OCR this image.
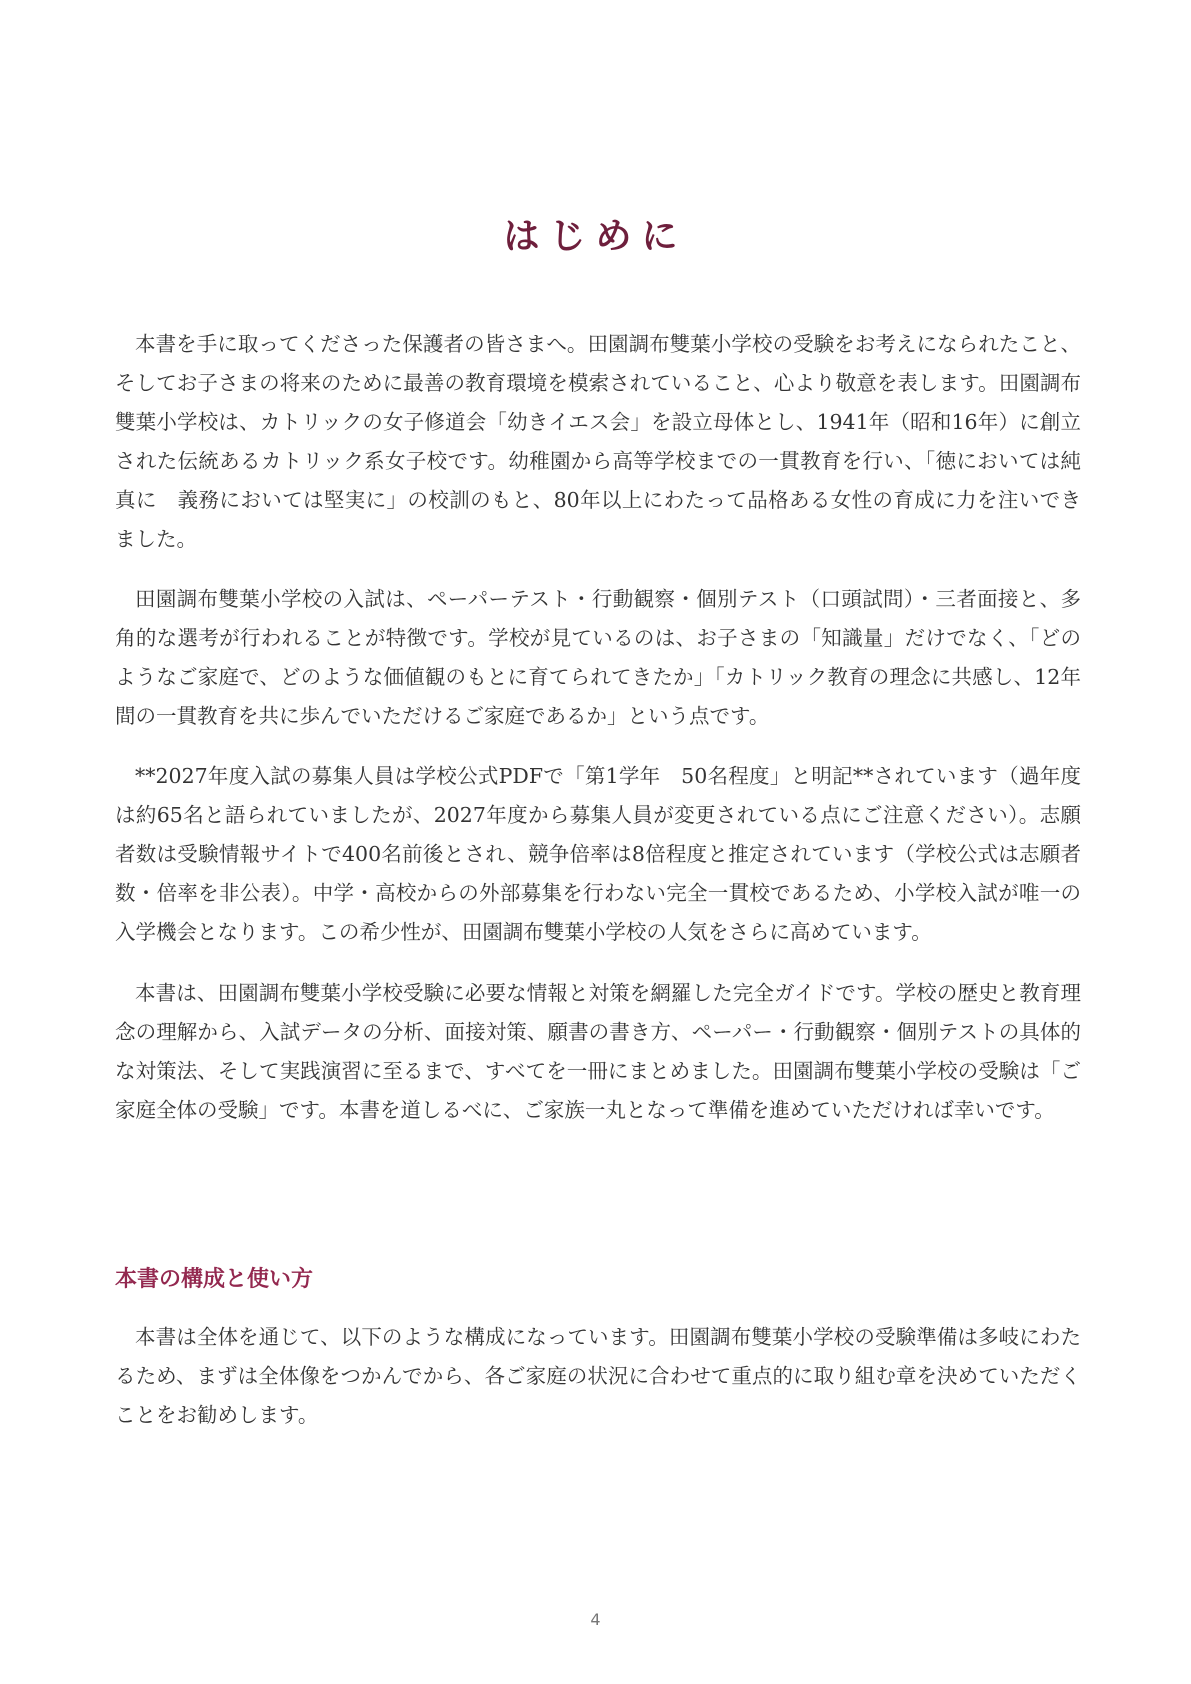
はじめに

本書を手に取ってくださった保護者の皆さまへ。田園調布雙葉小学校の受験をお考えになられたこと、そしてお子さまの将来のために最善の教育環境を模索されていること、心より敬意を表します。田園調布雙葉小学校は、カトリックの女子修道会「幼きイエス会」を設立母体とし、1941年（昭和16年）に創立された伝統あるカトリック系女子校です。幼稚園から高等学校までの一貫教育を行い、「徳においては純真に　義務においては堅実に」の校訓のもと、80年以上にわたって品格ある女性の育成に力を注いできました。

田園調布雙葉小学校の入試は、ペーパーテスト・行動観察・個別テスト（口頭試問）・三者面接と、多角的な選考が行われることが特徴です。学校が見ているのは、お子さまの「知識量」だけでなく、「どのようなご家庭で、どのような価値観のもとに育てられてきたか」「カトリック教育の理念に共感し、12年間の一貫教育を共に歩んでいただけるご家庭であるか」という点です。

**2027年度入試の募集人員は学校公式PDFで「第1学年　50名程度」と明記**されています（過年度は約65名と語られていましたが、2027年度から募集人員が変更されている点にご注意ください）。志願者数は受験情報サイトで400名前後とされ、競争倍率は8倍程度と推定されています（学校公式は志願者数・倍率を非公表）。中学・高校からの外部募集を行わない完全一貫校であるため、小学校入試が唯一の入学機会となります。この希少性が、田園調布雙葉小学校の人気をさらに高めています。

本書は、田園調布雙葉小学校受験に必要な情報と対策を網羅した完全ガイドです。学校の歴史と教育理念の理解から、入試データの分析、面接対策、願書の書き方、ペーパー・行動観察・個別テストの具体的な対策法、そして実践演習に至るまで、すべてを一冊にまとめました。田園調布雙葉小学校の受験は「ご家庭全体の受験」です。本書を道しるべに、ご家族一丸となって準備を進めていただければ幸いです。

本書の構成と使い方

本書は全体を通じて、以下のような構成になっています。田園調布雙葉小学校の受験準備は多岐にわたるため、まずは全体像をつかんでから、各ご家庭の状況に合わせて重点的に取り組む章を決めていただくことをお勧めします。

4
